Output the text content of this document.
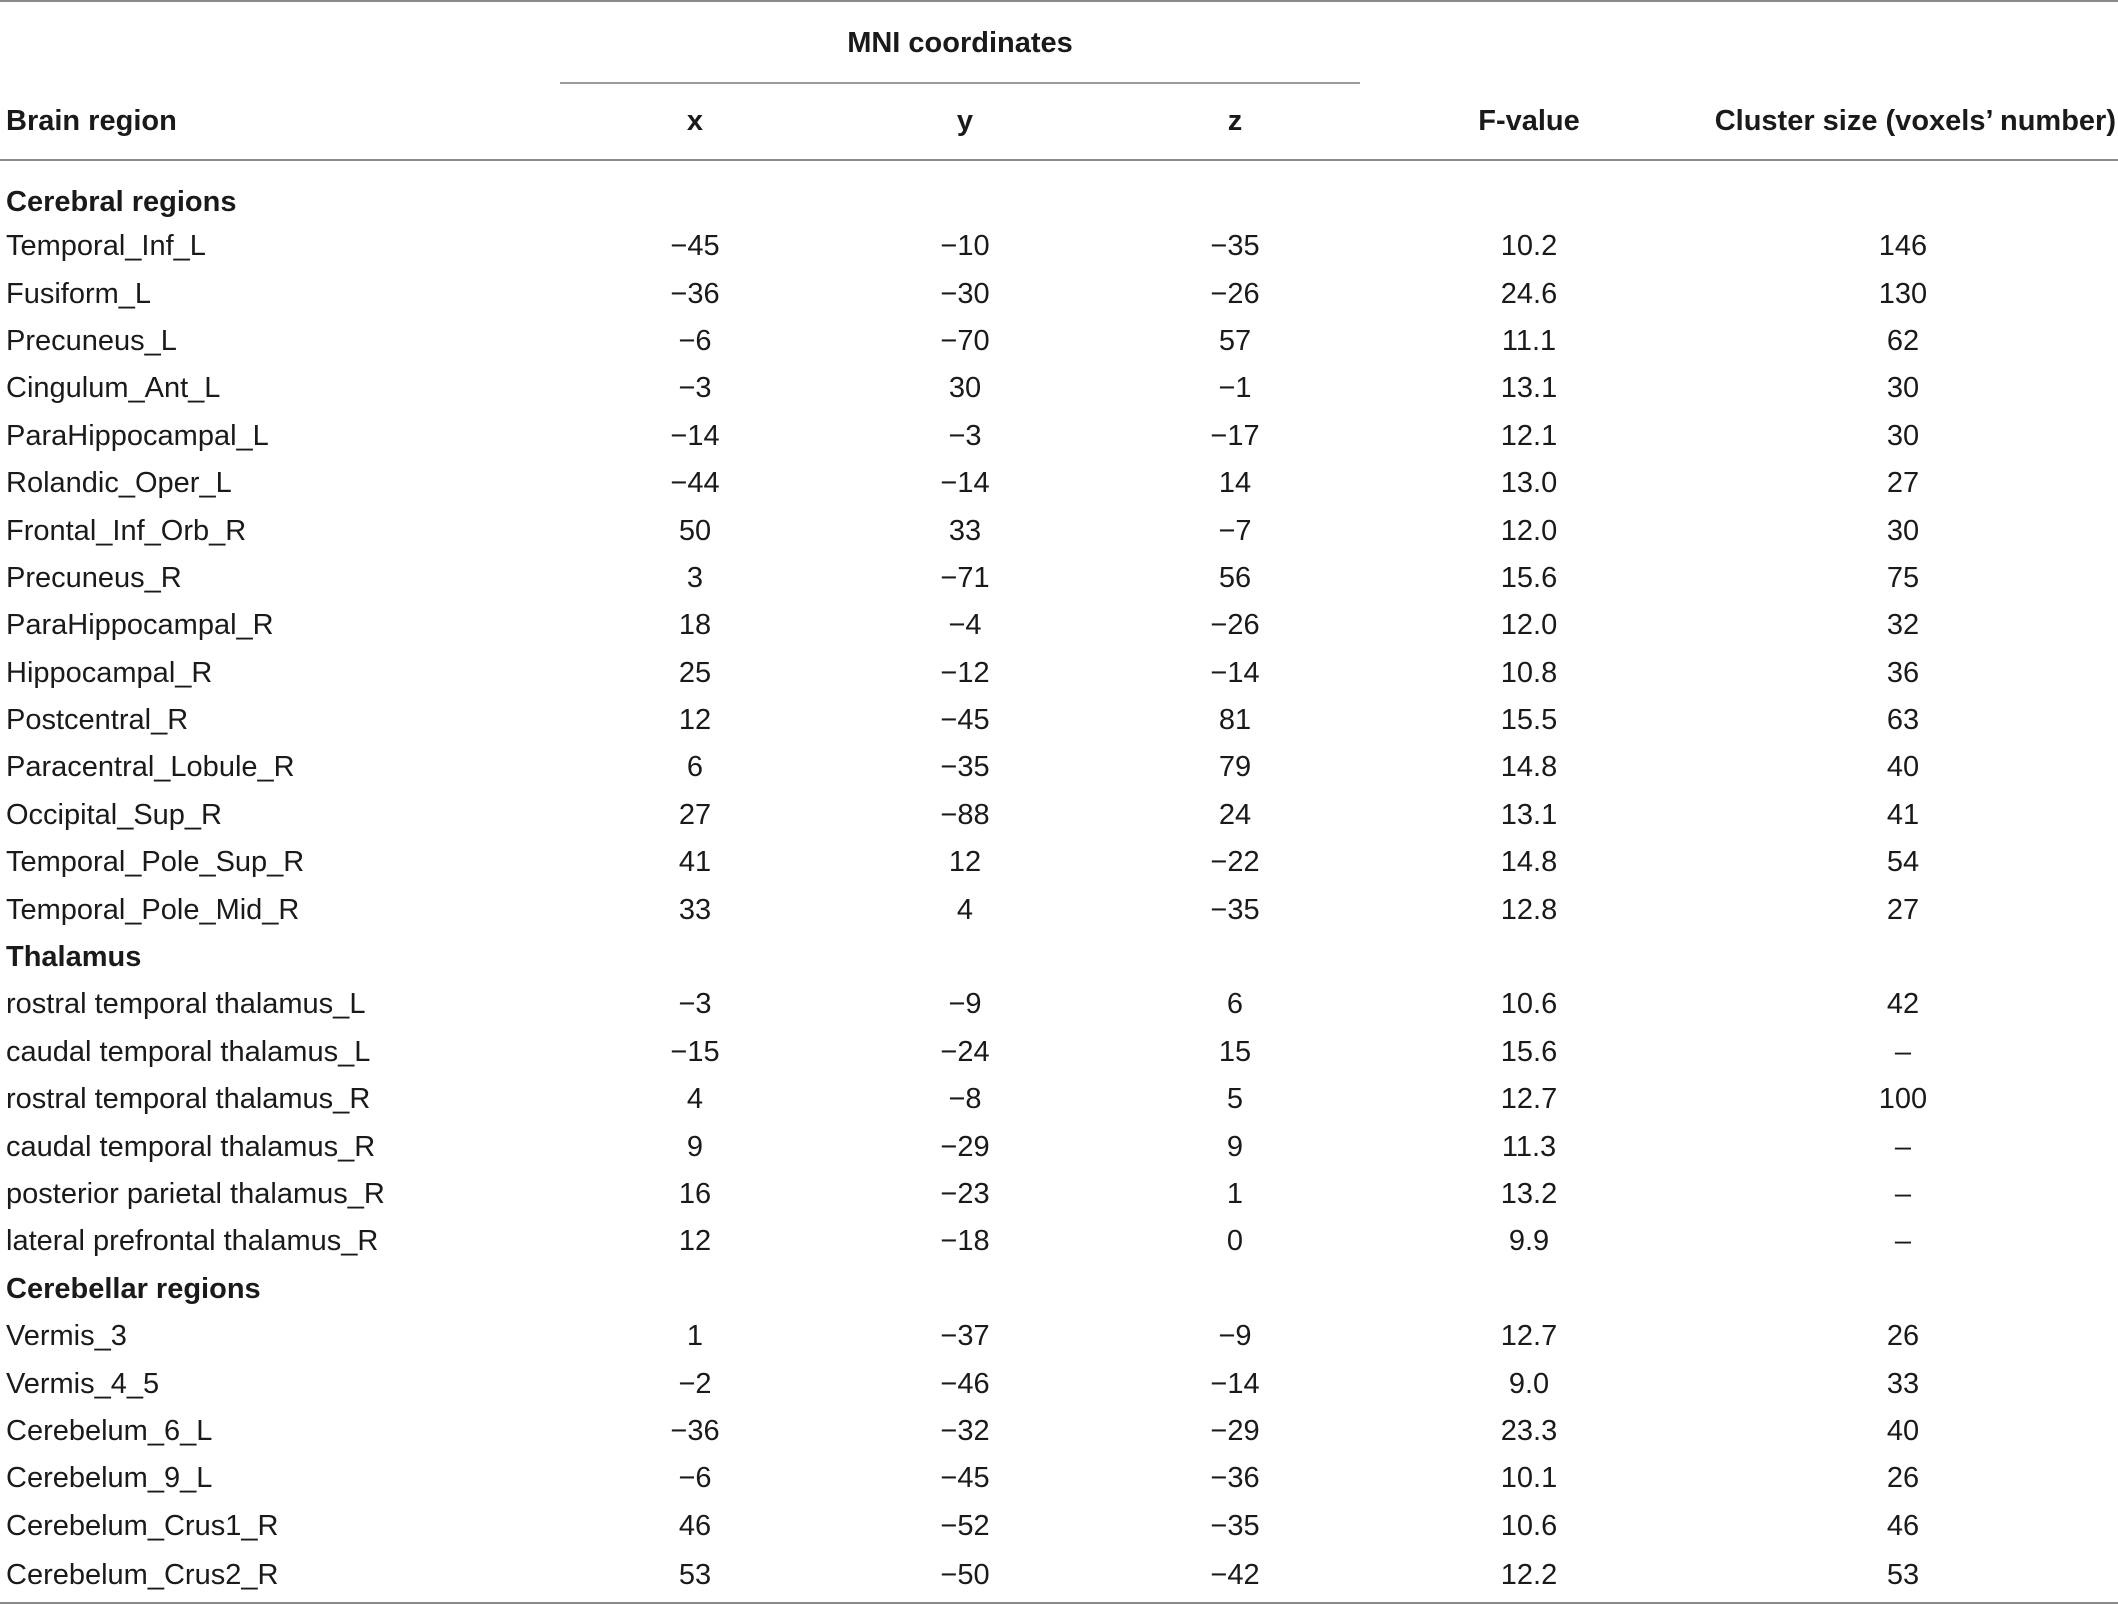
	MNI coordinates				

Brain region	x	y	z	F-value	Cluster size (voxels’ number)
Cerebral regions					
Temporal_Inf_L	−45	−10	−35	10.2	146
Fusiform_L	−36	−30	−26	24.6	130
Precuneus_L	−6	−70	57	11.1	62
Cingulum_Ant_L	−3	30	−1	13.1	30
ParaHippocampal_L	−14	−3	−17	12.1	30
Rolandic_Oper_L	−44	−14	14	13.0	27
Frontal_Inf_Orb_R	50	33	−7	12.0	30
Precuneus_R	3	−71	56	15.6	75
ParaHippocampal_R	18	−4	−26	12.0	32
Hippocampal_R	25	−12	−14	10.8	36
Postcentral_R	12	−45	81	15.5	63
Paracentral_Lobule_R	6	−35	79	14.8	40
Occipital_Sup_R	27	−88	24	13.1	41
Temporal_Pole_Sup_R	41	12	−22	14.8	54
Temporal_Pole_Mid_R	33	4	−35	12.8	27
Thalamus					
rostral temporal thalamus_L	−3	−9	6	10.6	42
caudal temporal thalamus_L	−15	−24	15	15.6	–
rostral temporal thalamus_R	4	−8	5	12.7	100
caudal temporal thalamus_R	9	−29	9	11.3	–
posterior parietal thalamus_R	16	−23	1	13.2	–
lateral prefrontal thalamus_R	12	−18	0	9.9	–
Cerebellar regions					
Vermis_3	1	−37	−9	12.7	26
Vermis_4_5	−2	−46	−14	9.0	33
Cerebelum_6_L	−36	−32	−29	23.3	40
Cerebelum_9_L	−6	−45	−36	10.1	26
Cerebelum_Crus1_R	46	−52	−35	10.6	46
Cerebelum_Crus2_R	53	−50	−42	12.2	53
